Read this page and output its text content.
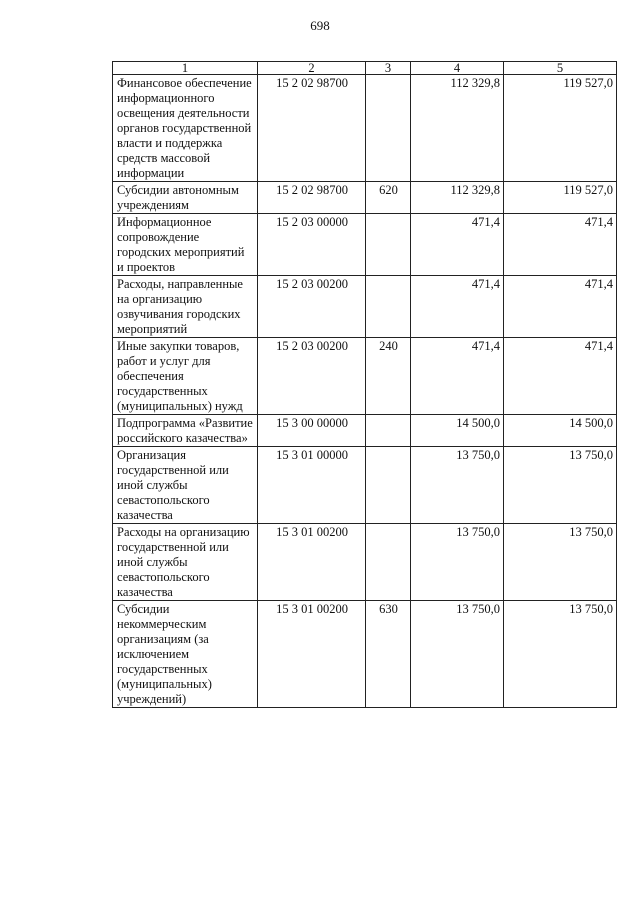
698
1	2	3	4	5
Финансовое обеспечение информационного освещения деятельности органов государственной власти и поддержка средств массовой информации	15 2 02 98700		112 329,8	119 527,0
Субсидии автономным учреждениям	15 2 02 98700	620	112 329,8	119 527,0
Информационное сопровождение городских мероприятий и проектов	15 2 03 00000		471,4	471,4
Расходы, направленные на организацию озвучивания городских мероприятий	15 2 03 00200		471,4	471,4
Иные закупки товаров, работ и услуг для обеспечения государственных (муниципальных) нужд	15 2 03 00200	240	471,4	471,4
Подпрограмма «Развитие российского казачества»	15 3 00 00000		14 500,0	14 500,0
Организация государственной или иной службы севастопольского казачества	15 3 01 00000		13 750,0	13 750,0
Расходы на организацию государственной или иной службы севастопольского казачества	15 3 01 00200		13 750,0	13 750,0
Субсидии некоммерческим организациям (за исключением государственных (муниципальных) учреждений)	15 3 01 00200	630	13 750,0	13 750,0
